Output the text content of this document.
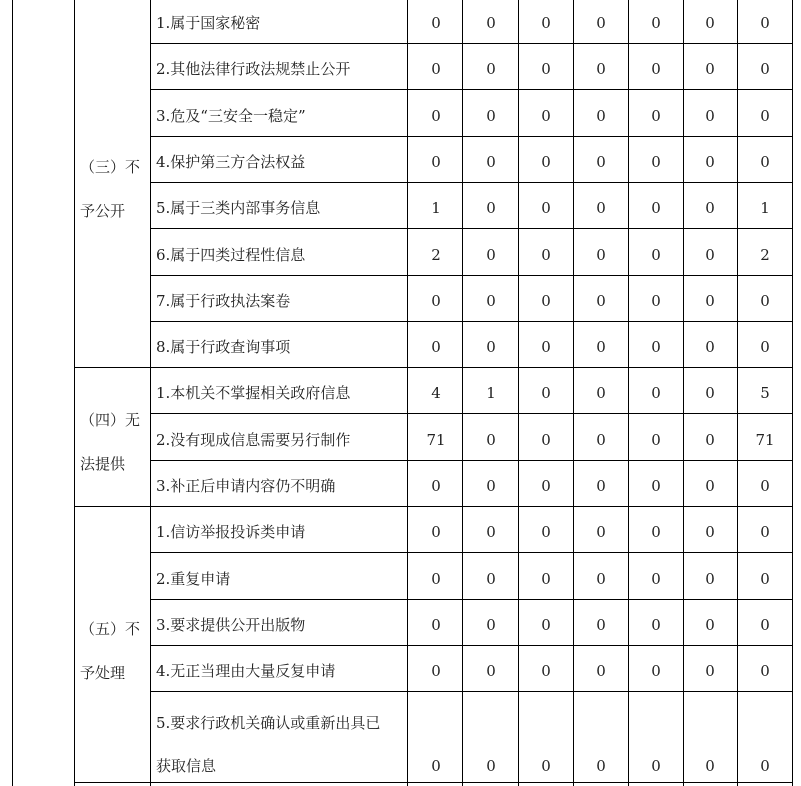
（三）不
予公开
1.属于国家秘密	0	0	0	0	0	0	0
2.其他法律行政法规禁止公开	0	0	0	0	0	0	0
3.危及“三安全一稳定”	0	0	0	0	0	0	0
4.保护第三方合法权益	0	0	0	0	0	0	0
5.属于三类内部事务信息	1	0	0	0	0	0	1
6.属于四类过程性信息	2	0	0	0	0	0	2
7.属于行政执法案卷	0	0	0	0	0	0	0
8.属于行政查询事项	0	0	0	0	0	0	0
（四）无
法提供
1.本机关不掌握相关政府信息	4	1	0	0	0	0	5
2.没有现成信息需要另行制作	71	0	0	0	0	0	71
3.补正后申请内容仍不明确	0	0	0	0	0	0	0
（五）不
予处理
1.信访举报投诉类申请	0	0	0	0	0	0	0
2.重复申请	0	0	0	0	0	0	0
3.要求提供公开出版物	0	0	0	0	0	0	0
4.无正当理由大量反复申请	0	0	0	0	0	0	0
5.要求行政机关确认或重新出具已
获取信息	0	0	0	0	0	0	0
